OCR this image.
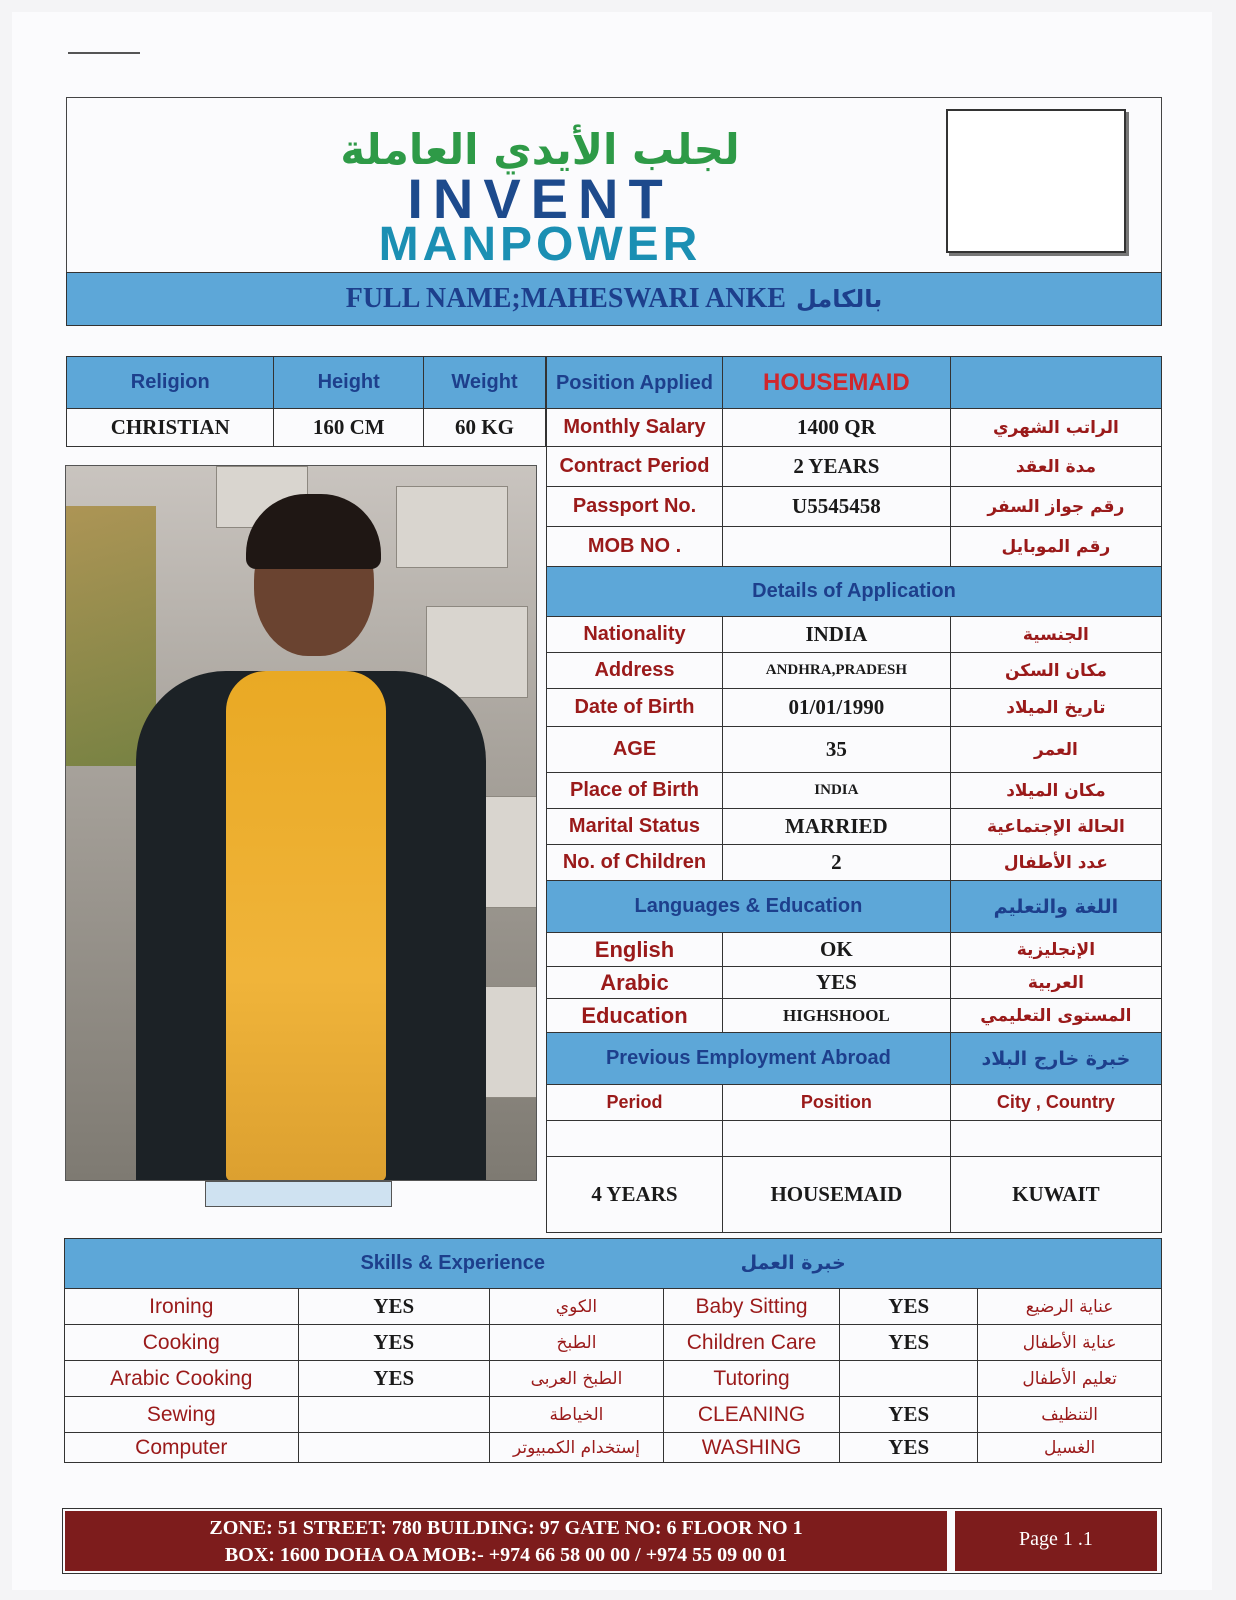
لجلب الأيدي العاملة
INVENT
MANPOWER
FULL NAME;MAHESWARI ANKE بالكامل
Religion	Height	Weight
CHRISTIAN	160 CM	60 KG
Position Applied	HOUSEMAID	
Monthly Salary	1400 QR	الراتب الشهري
Contract Period	2 YEARS	مدة العقد
Passport No.	U5545458	رقم جواز السفر
MOB NO .		رقم الموبايل
Details of Application		
Nationality	INDIA	الجنسية
Address	ANDHRA,PRADESH	مكان السكن
Date of Birth	01/01/1990	تاريخ الميلاد
AGE	35	العمر
Place of Birth	INDIA	مكان الميلاد
Marital Status	MARRIED	الحالة الإجتماعية
No. of Children	2	عدد الأطفال
Languages & Education		اللغة والتعليم
English	OK	الإنجليزية
Arabic	YES	العربية
Education	HIGHSHOOL	المستوى التعليمي
Previous Employment Abroad		خبرة خارج البلاد
Period	Position	City , Country

4 YEARS	HOUSEMAID	KUWAIT
Skills & Experience خبرة العمل					
Ironing	YES	الكوي	Baby Sitting	YES	عناية الرضيع
Cooking	YES	الطبخ	Children Care	YES	عناية الأطفال
Arabic Cooking	YES	الطبخ العربى	Tutoring		تعليم الأطفال
Sewing		الخياطة	CLEANING	YES	التنظيف
Computer		إستخدام الكمبيوتر	WASHING	YES	الغسيل
ZONE: 51 STREET: 780 BUILDING: 97 GATE NO: 6 FLOOR NO 1
BOX: 1600 DOHA OA MOB:- +974 66 58 00 00 / +974 55 09 00 01
Page 1 .1
